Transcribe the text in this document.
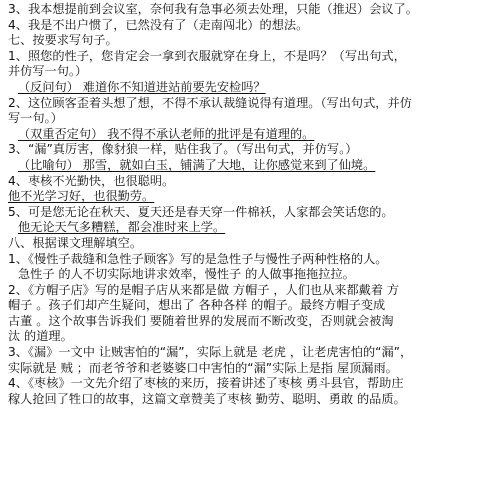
3、我本想提前到会议室，奈何我有急事必须去处理，只能（推迟）会议了。
4、我是不出户惯了，已然没有了（走南闯北）的想法。
七、按要求写句子。
1、照您的性子，您肯定会一拿到衣服就穿在身上，不是吗？（写出句式，
并仿写一句。）
（反问句） 难道你不知道进站前要先安检吗？
2、这位顾客歪着头想了想，不得不承认裁缝说得有道理。（写出句式，并仿
写一句。）
（双重否定句） 我不得不承认老师的批评是有道理的。
3、“漏”真厉害，像豺狼一样，贴住我了。（写出句式，并仿写。）
（比喻句） 那雪，就如白玉，铺满了大地，让你感觉来到了仙境。
4、枣核不光勤快，也很聪明。
他不光学习好，也很勤劳。
5、可是您无论在秋天、夏天还是春天穿一件棉袄，人家都会笑话您的。
他无论天气多糟糕，都会准时来上学。
八、根据课文理解填空。
1、《慢性子裁缝和急性子顾客》写的是急性子与慢性子两种性格的人。
急性子 的人不切实际地讲求效率，慢性子 的人做事拖拖拉拉。
2、《方帽子店》写的是帽子店从来都是做 方帽子 ，人们也从来都戴着 方
帽子 。孩子们却产生疑问，想出了 各种各样 的帽子。最终方帽子变成
古董 。这个故事告诉我们 要随着世界的发展而不断改变，否则就会被淘
汰 的道理。
3、《漏》一文中 让贼害怕的“漏”，实际上就是 老虎 ，让老虎害怕的“漏”，
实际就是 贼 ；而老爷爷和老婆婆口中害怕的“漏”实际上是指 屋顶漏雨。
4、《枣核》一文先介绍了枣核的来历，接着讲述了枣核 勇斗县官，帮助庄
稼人抢回了牲口的故事，这篇文章赞美了枣核 勤劳、聪明、勇敢 的品质。
